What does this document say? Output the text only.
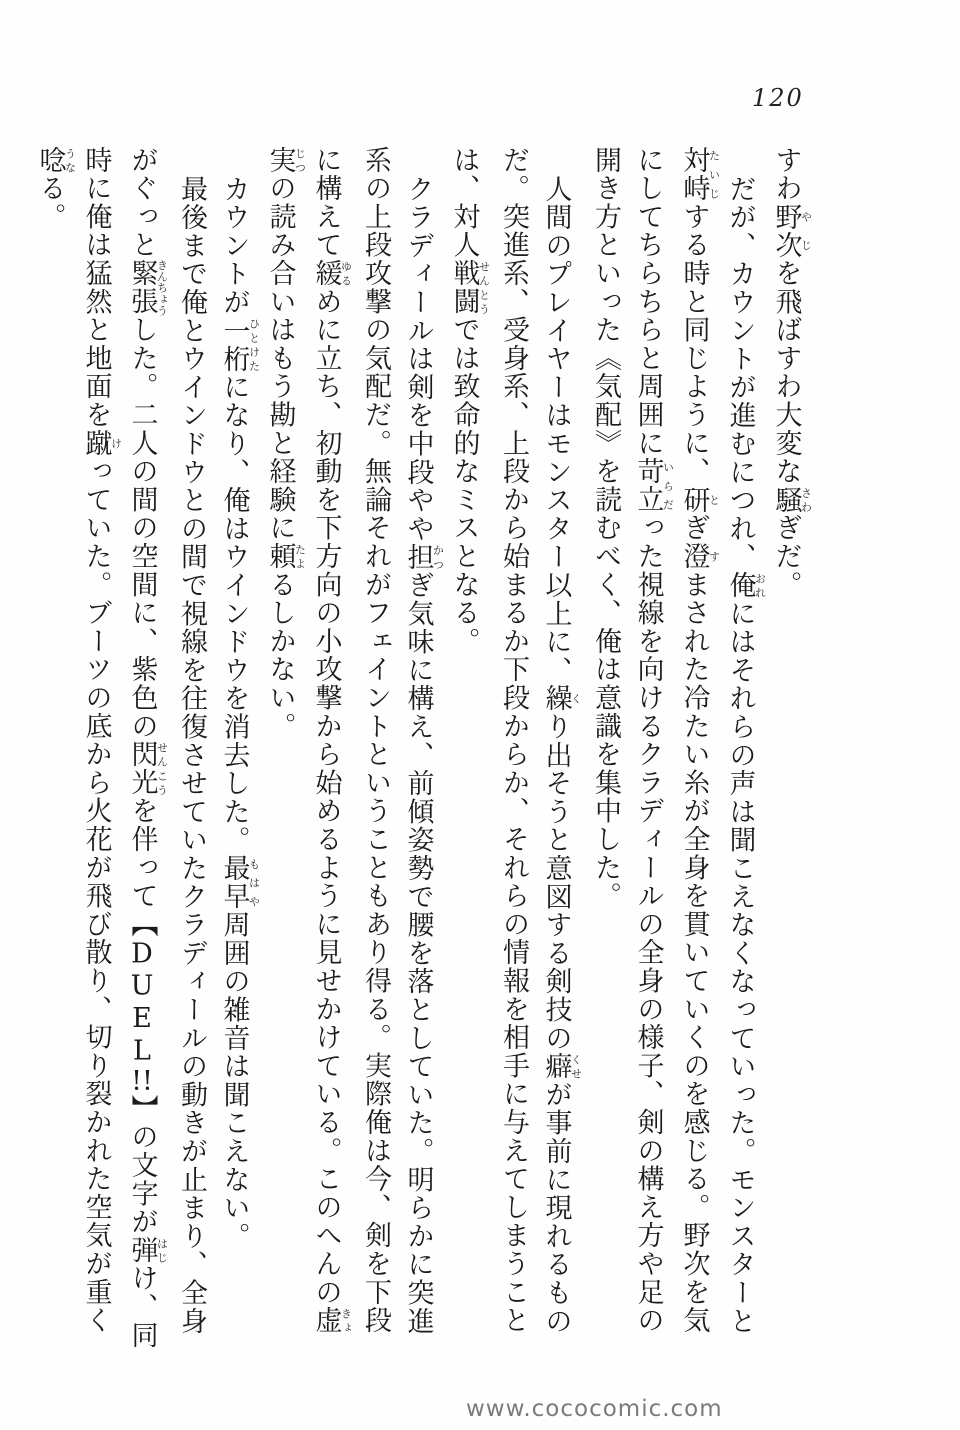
120
すわ野次やじを飛ばすわ大変な騒さわぎだ。
だが、カウントが進むにつれ、俺おれにはそれらの声は聞こえなくなっていった。モンスターと
対峙たいじする時と同じように、研とぎ澄すまされた冷たい糸が全身を貫いていくのを感じる。野次を気
にしてちらちらと周囲に苛立いらだった視線を向けるクラディールの全身の様子、剣の構え方や足の
開き方といった《気配》を読むべく、俺は意識を集中した。
人間のプレイヤーはモンスター以上に、繰くり出そうと意図する剣技の癖くせが事前に現れるもの
だ。突進系、受身系、上段から始まるか下段からか、それらの情報を相手に与えてしまうこと
は、対人戦闘せんとうでは致命的なミスとなる。
クラディールは剣を中段やや担かつぎ気味に構え、前傾姿勢で腰を落としていた。明らかに突進
系の上段攻撃の気配だ。無論それがフェイントということもあり得る。実際俺は今、剣を下段
に構えて緩ゆるめに立ち、初動を下方向の小攻撃から始めるように見せかけている。このへんの虚きょ
実じつの読み合いはもう勘と経験に頼たよるしかない。
カウントが一桁ひとけたになり、俺はウインドウを消去した。最早もはや周囲の雑音は聞こえない。
最後まで俺とウインドウとの間で視線を往復させていたクラディールの動きが止まり、全身
がぐっと緊張きんちょうした。二人の間の空間に、紫色の閃光せんこうを伴って【DUEL!!】の文字が弾はじけ、同
時に俺は猛然と地面を蹴けっていた。ブーツの底から火花が飛び散り、切り裂かれた空気が重く
唸うなる。
www.cococomic.com
